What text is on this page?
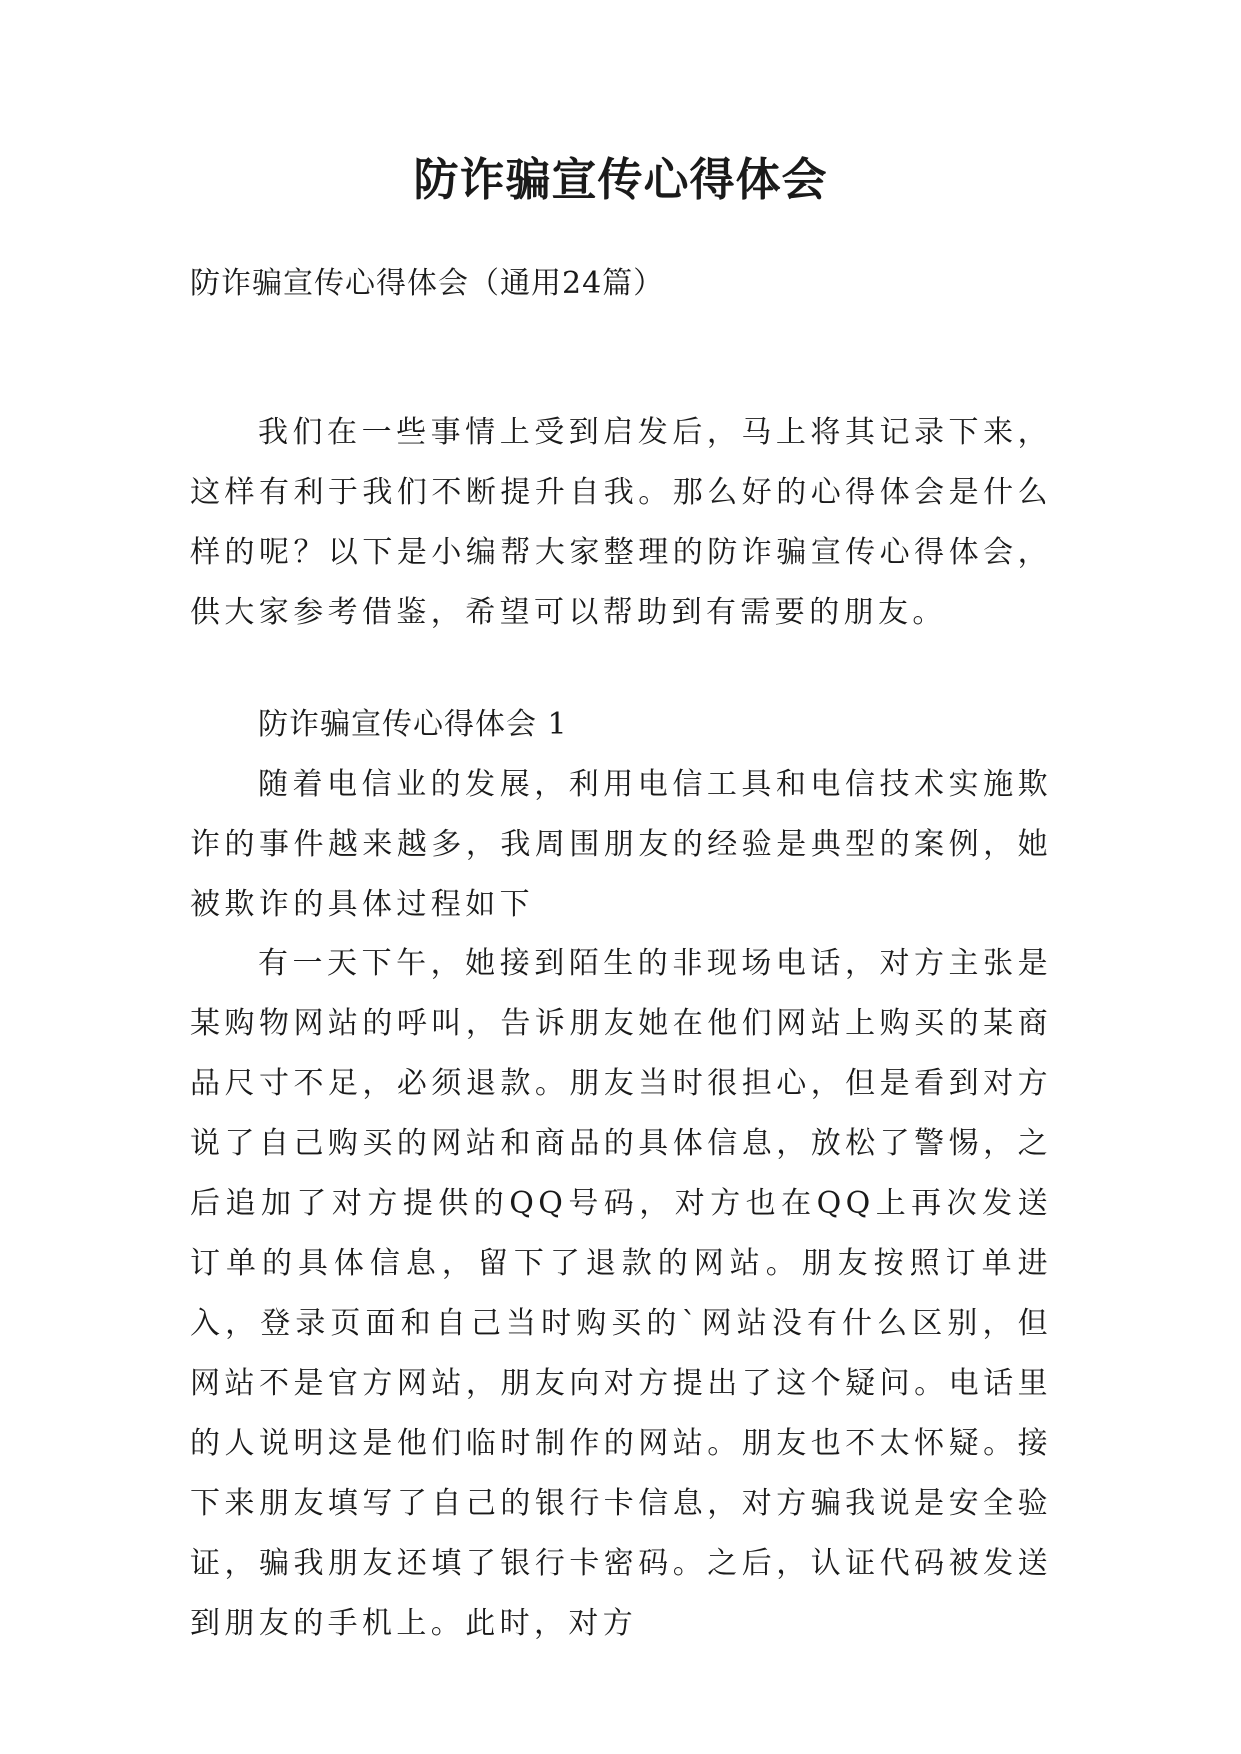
防诈骗宣传心得体会
防诈骗宣传心得体会（通用24篇）

我们在一些事情上受到启发后，马上将其记录下来，这样有利于我们不断提升自我。那么好的心得体会是什么样的呢？以下是小编帮大家整理的防诈骗宣传心得体会，供大家参考借鉴，希望可以帮助到有需要的朋友。

防诈骗宣传心得体会 1

随着电信业的发展，利用电信工具和电信技术实施欺诈的事件越来越多，我周围朋友的经验是典型的案例，她被欺诈的具体过程如下

有一天下午，她接到陌生的非现场电话，对方主张是某购物网站的呼叫，告诉朋友她在他们网站上购买的某商品尺寸不足，必须退款。朋友当时很担心，但是看到对方说了自己购买的网站和商品的具体信息，放松了警惕，之后追加了对方提供的QQ号码，对方也在QQ上再次发送订单的具体信息，留下了退款的网站。朋友按照订单进入，登录页面和自己当时购买的`网站没有什么区别，但网站不是官方网站，朋友向对方提出了这个疑问。电话里的人说明这是他们临时制作的网站。朋友也不太怀疑。接下来朋友填写了自己的银行卡信息，对方骗我说是安全验证，骗我朋友还填了银行卡密码。之后，认证代码被发送到朋友的手机上。此时，对方
